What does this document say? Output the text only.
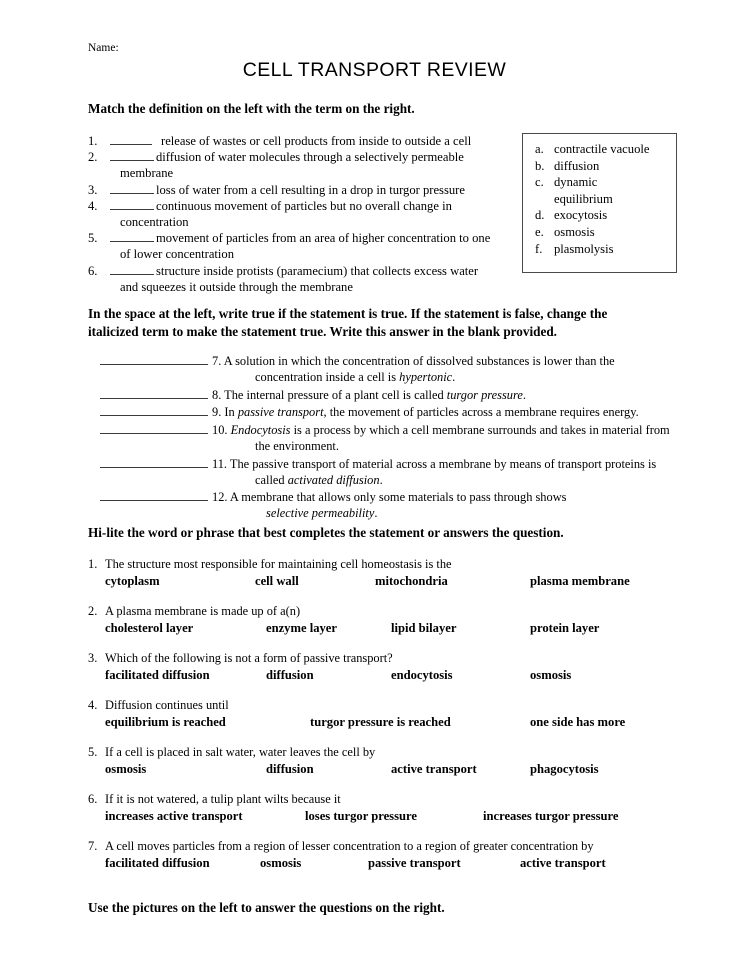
Name:
CELL TRANSPORT REVIEW
Match the definition on the left with the term on the right.
1.	release of wastes or cell products from inside to outside a cell
2.	diffusion of water molecules through a selectively permeable
membrane
3.	loss of water from a cell resulting in a drop in turgor pressure
4.	continuous movement of particles but no overall change in
concentration
5.	movement of particles from an area of higher concentration to one
of lower concentration
6.	structure inside protists (paramecium) that collects excess water
and squeezes it outside through the membrane
a. contractile vacuole
b. diffusion
c. dynamic
equilibrium
d. exocytosis
e. osmosis
f. plasmolysis
In the space at the left, write true if the statement is true. If the statement is false, change the
italicized term to make the statement true. Write this answer in the blank provided.
7. A solution in which the concentration of dissolved substances is lower than the
concentration inside a cell is hypertonic.
8. The internal pressure of a plant cell is called turgor pressure.
9. In passive transport, the movement of particles across a membrane requires energy.
10. Endocytosis is a process by which a cell membrane surrounds and takes in material from
the environment.
11. The passive transport of material across a membrane by means of transport proteins is
called activated diffusion.
12. A membrane that allows only some materials to pass through shows
selective permeability.
Hi-lite the word or phrase that best completes the statement or answers the question.
1. The structure most responsible for maintaining cell homeostasis is the
cytoplasm	cell wall	mitochondria	plasma membrane
2. A plasma membrane is made up of a(n)
cholesterol layer	enzyme layer	lipid bilayer	protein layer
3. Which of the following is not a form of passive transport?
facilitated diffusion	diffusion	endocytosis	osmosis
4. Diffusion continues until
equilibrium is reached	turgor pressure is reached	one side has more
5. If a cell is placed in salt water, water leaves the cell by
osmosis	diffusion	active transport	phagocytosis
6. If it is not watered, a tulip plant wilts because it
increases active transport	loses turgor pressure	increases turgor pressure
7. A cell moves particles from a region of lesser concentration to a region of greater concentration by
facilitated diffusion	osmosis	passive transport	active transport
Use the pictures on the left to answer the questions on the right.
